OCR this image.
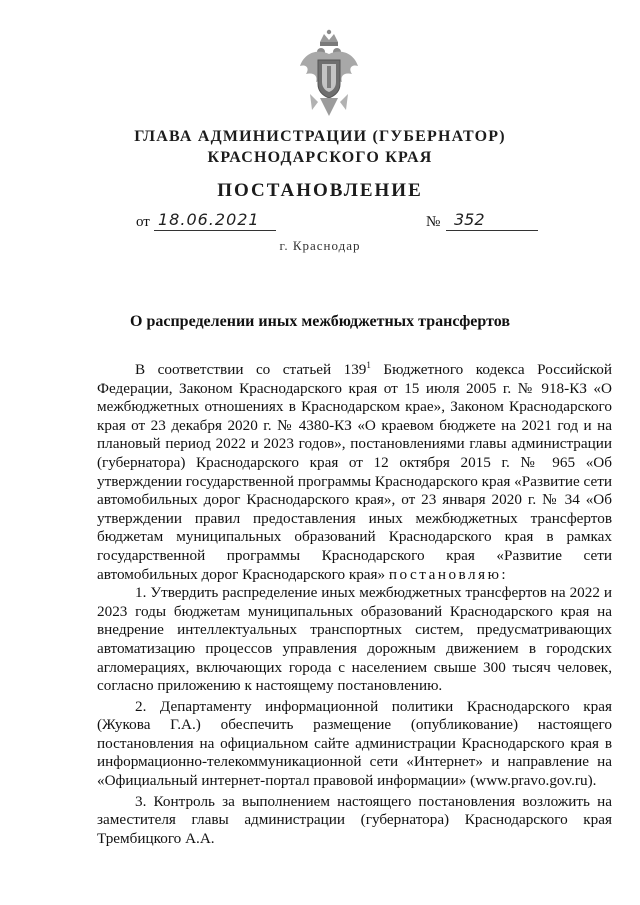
ГЛАВА АДМИНИСТРАЦИИ (ГУБЕРНАТОР)
КРАСНОДАРСКОГО КРАЯ
ПОСТАНОВЛЕНИЕ
от 18.06.2021	№ 352
г. Краснодар
О распределении иных межбюджетных трансфертов

В соответствии со статьей $139^1$ Бюджетного кодекса Российской Федерации, Законом Краснодарского края от 15 июля 2005 г. № 918-КЗ «О межбюджетных отношениях в Краснодарском крае», Законом Краснодарского края от 23 декабря 2020 г. № 4380-КЗ «О краевом бюджете на 2021 год и на плановый период 2022 и 2023 годов», постановлениями главы администрации (губернатора) Краснодарского края от 12 октября 2015 г. № 965 «Об утверждении государственной программы Краснодарского края «Развитие сети автомобильных дорог Краснодарского края», от 23 января 2020 г. № 34 «Об утверждении правил предоставления иных межбюджетных трансфертов бюджетам муниципальных образований Краснодарского края в рамках государственной программы Краснодарского края «Развитие сети автомобильных дорог Краснодарского края» постановляю:

1. Утвердить распределение иных межбюджетных трансфертов на 2022 и 2023 годы бюджетам муниципальных образований Краснодарского края на внедрение интеллектуальных транспортных систем, предусматривающих автоматизацию процессов управления дорожным движением в городских агломерациях, включающих города с населением свыше 300 тысяч человек, согласно приложению к настоящему постановлению.

2. Департаменту информационной политики Краснодарского края (Жукова Г.А.) обеспечить размещение (опубликование) настоящего постановления на официальном сайте администрации Краснодарского края в информационно-телекоммуникационной сети «Интернет» и направление на «Официальный интернет-портал правовой информации» (www.pravo.gov.ru).

3. Контроль за выполнением настоящего постановления возложить на заместителя главы администрации (губернатора) Краснодарского края Трембицкого А.А.
